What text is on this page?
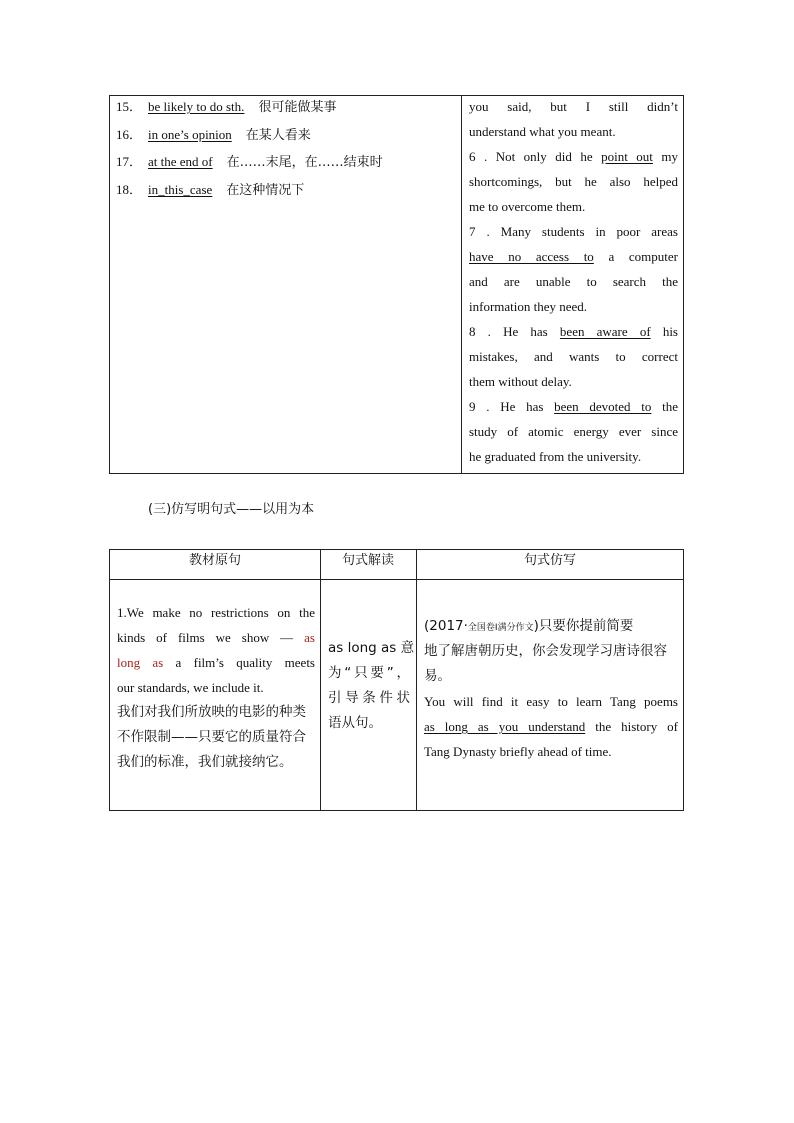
15． be likely to do sth. 很可能做某事
16． in one’s opinion 在某人看来
17． at the end of 在……末尾，在……结束时
18． in_this_case 在这种情况下
you said, but I still didn’t
understand what you meant.
6 . Not only did he point out my
shortcomings, but he also helped
me to overcome them.
7 . Many students in poor areas
have no access to a computer
and are unable to search the
information they need.
8 . He has been aware of his
mistakes, and wants to correct
them without delay.
9 . He has been devoted to the
study of atomic energy ever since
he graduated from the university.
(三)仿写明句式——以用为本
教材原句	句式解读	句式仿写
1.We make no restrictions on the
kinds of films we show — as
long as a film’s quality meets
our standards, we include it.
我们对我们所放映的电影的种类
不作限制——只要它的质量符合
我们的标准，我们就接纳它。
as long as 意
为“只要”，
引导条件状
语从句。
(2017·全国卷Ⅰ满分作文)只要你提前简要
地了解唐朝历史，你会发现学习唐诗很容
易。
You will find it easy to learn Tang poems
as long as you understand the history of
Tang Dynasty briefly ahead of time.
